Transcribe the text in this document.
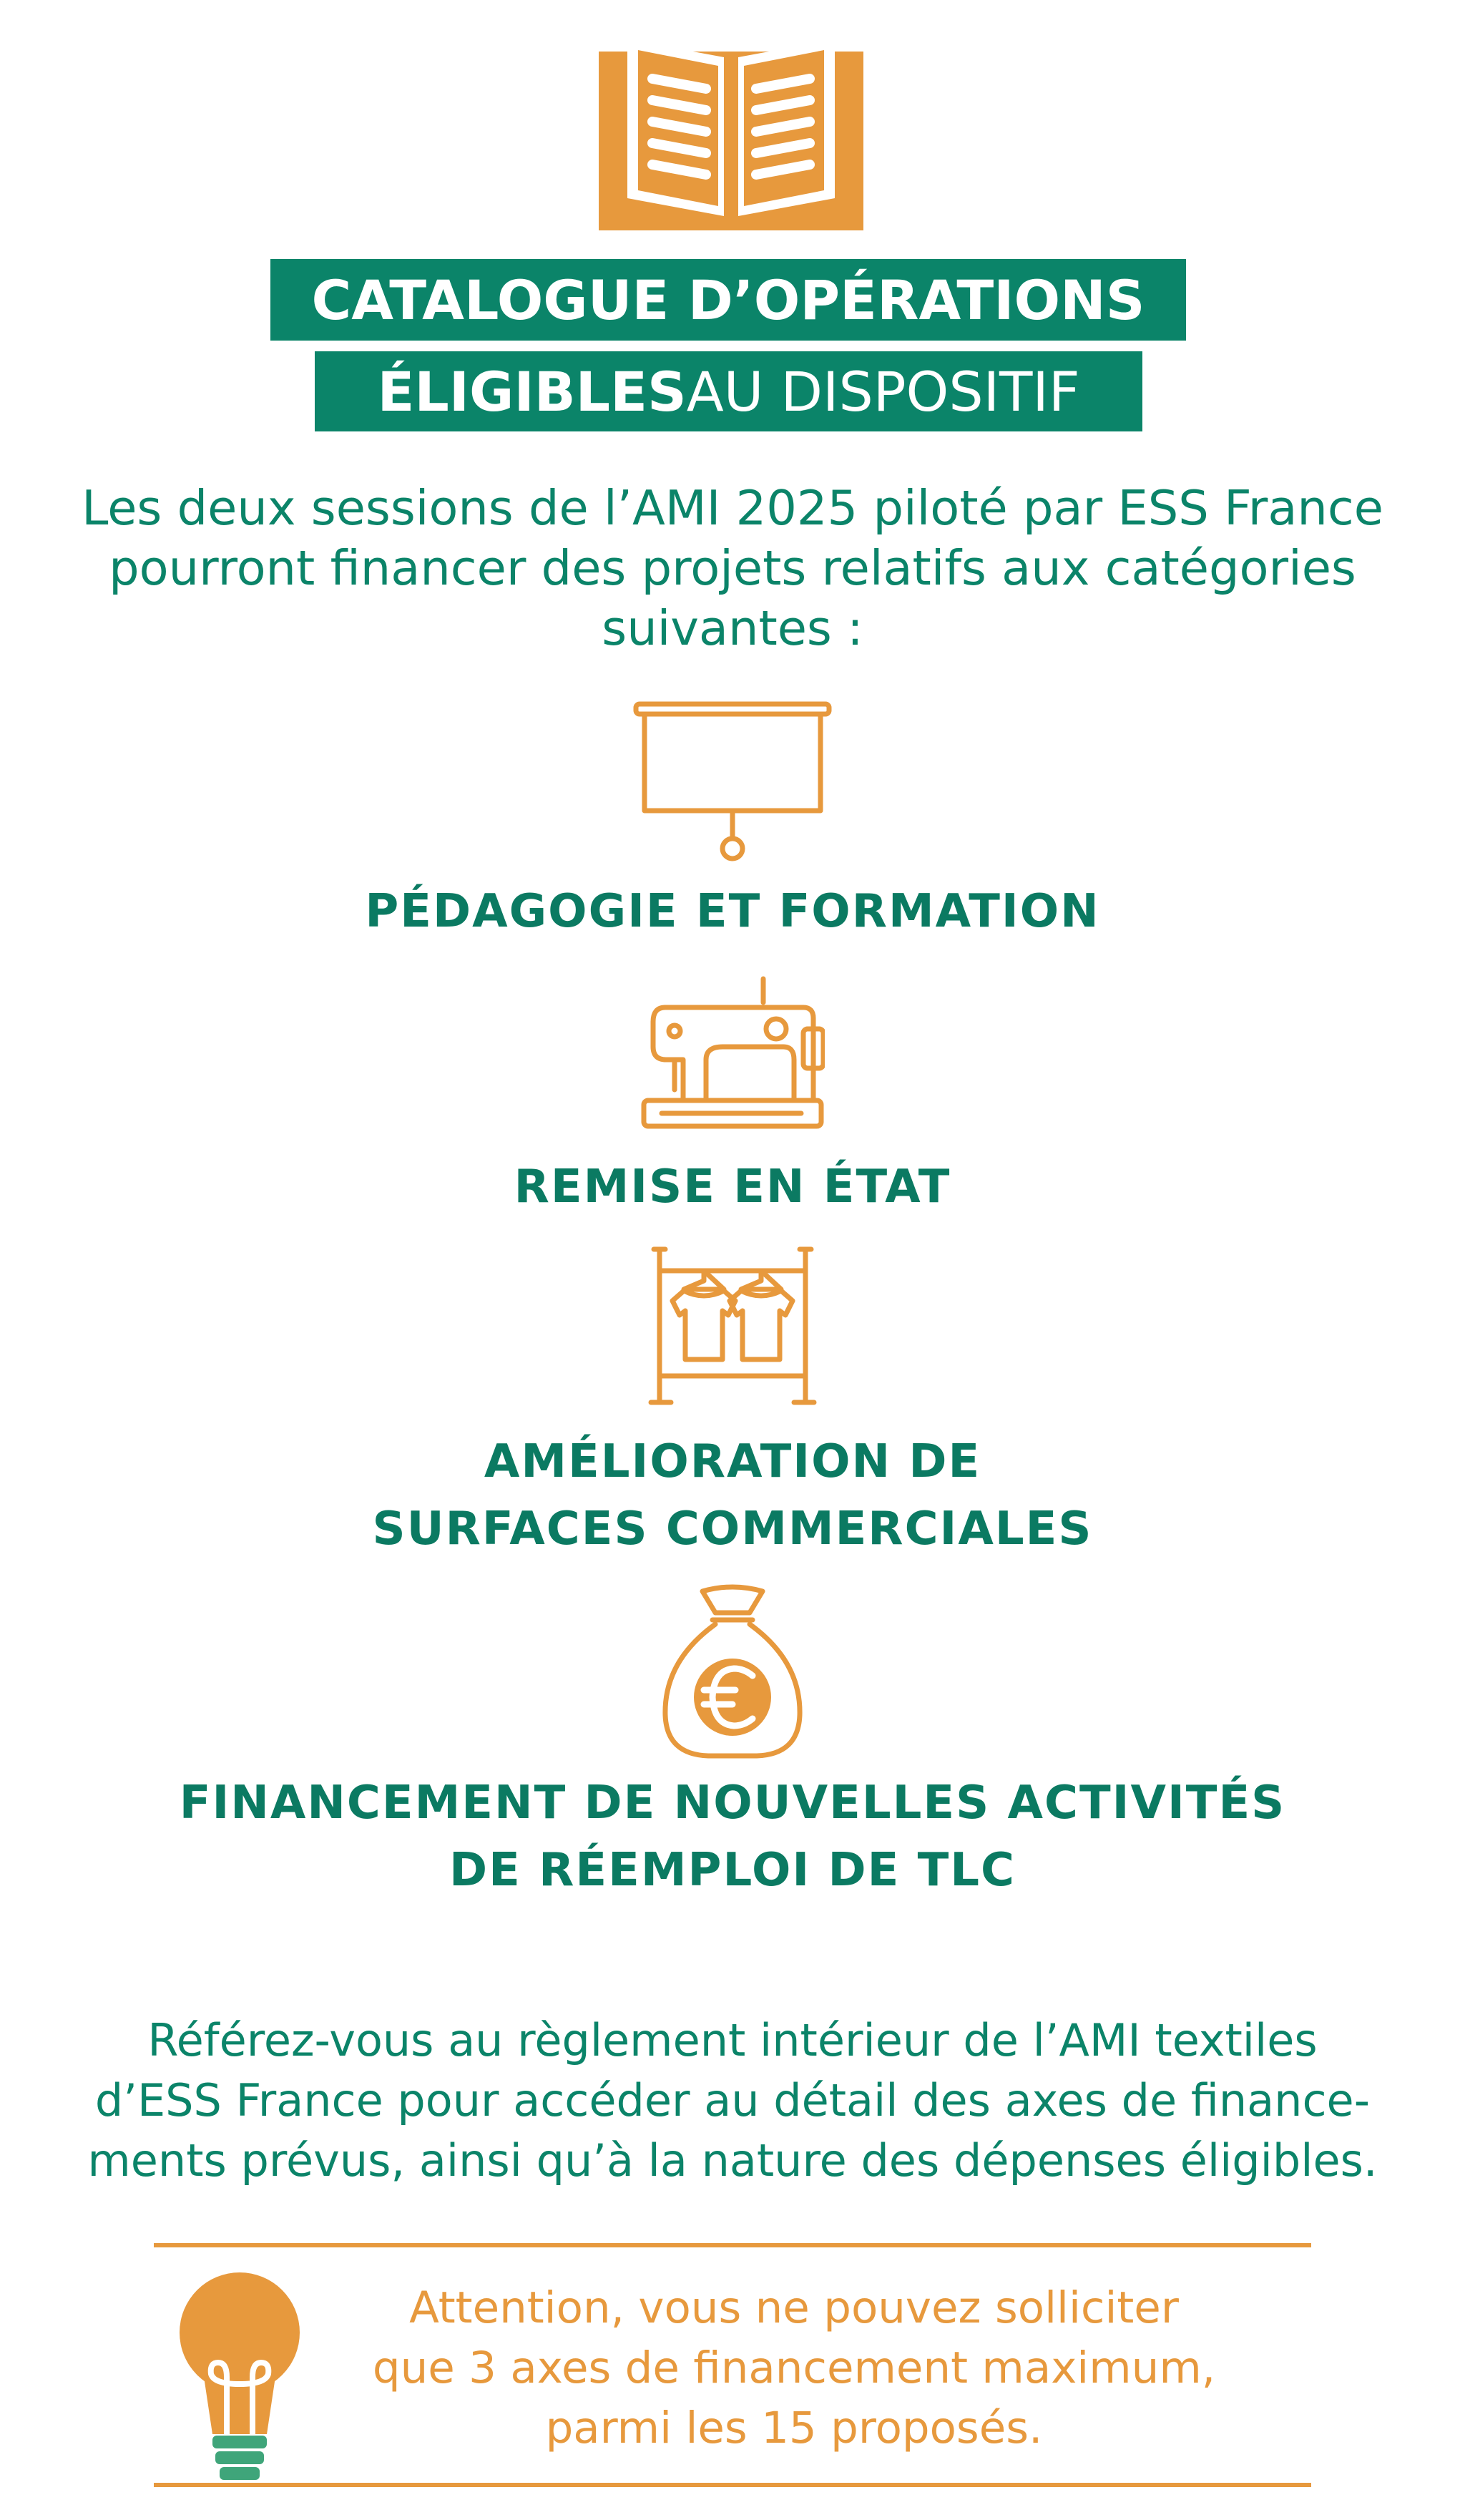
CATALOGUE D’OPÉRATIONS
ÉLIGIBLES AU DISPOSITIF
Les deux sessions de l’AMI 2025 piloté par ESS France
pourront financer des projets relatifs aux catégories
suivantes :
PÉDAGOGIE ET FORMATION
REMISE EN ÉTAT
AMÉLIORATION DE
SURFACES COMMERCIALES
FINANCEMENT DE NOUVELLES ACTIVITÉS
DE RÉEMPLOI DE TLC
Référez-vous au règlement intérieur de l’AMI textiles
d’ESS France pour accéder au détail des axes de finance-
ments prévus, ainsi qu’à la nature des dépenses éligibles.
Attention, vous ne pouvez solliciter
que 3 axes de financement maximum,
parmi les 15 proposés.
